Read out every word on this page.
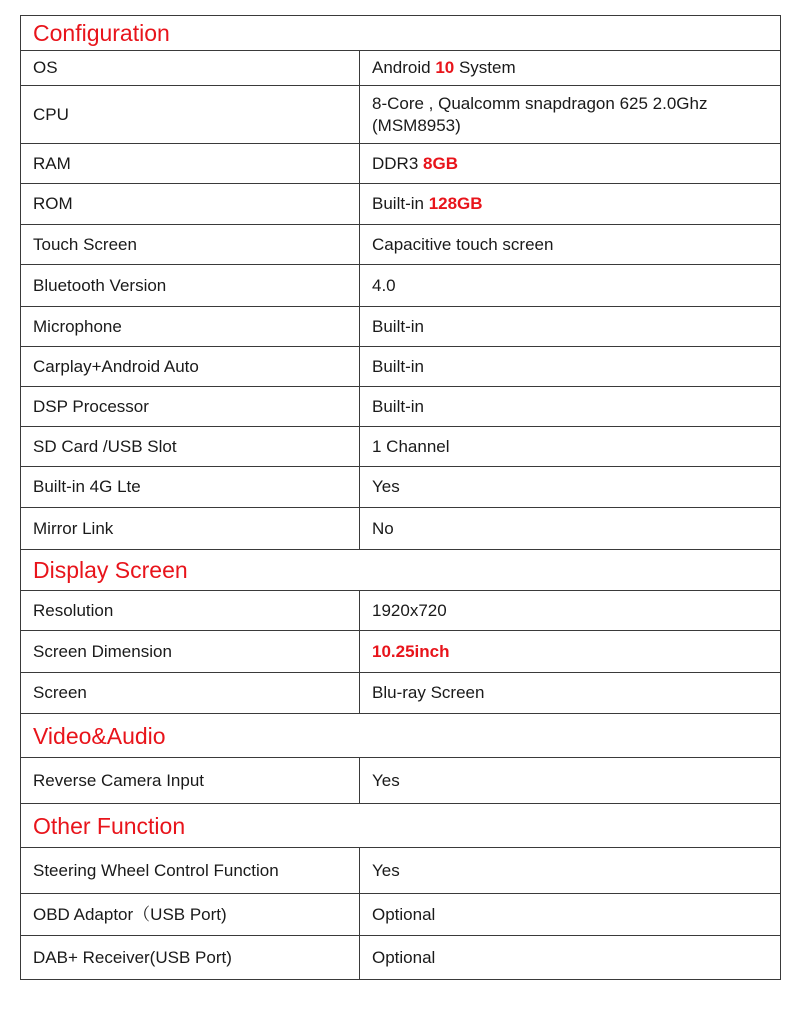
Configuration	
OS	Android 10 System
CPU	8-Core , Qualcomm snapdragon 625 2.0Ghz
(MSM8953)
RAM	DDR3 8GB
ROM	Built-in 128GB
Touch Screen	Capacitive touch screen
Bluetooth Version	4.0
Microphone	Built-in
Carplay+Android Auto	Built-in
DSP Processor	Built-in
SD Card /USB Slot	1 Channel
Built-in 4G Lte	Yes
Mirror Link	No
Display Screen	
Resolution	1920x720
Screen Dimension	10.25inch
Screen	Blu-ray Screen
Video&Audio	
Reverse Camera Input	Yes
Other Function	
Steering Wheel Control Function	Yes
OBD Adaptor（USB Port)	Optional
DAB+ Receiver(USB Port)	Optional
